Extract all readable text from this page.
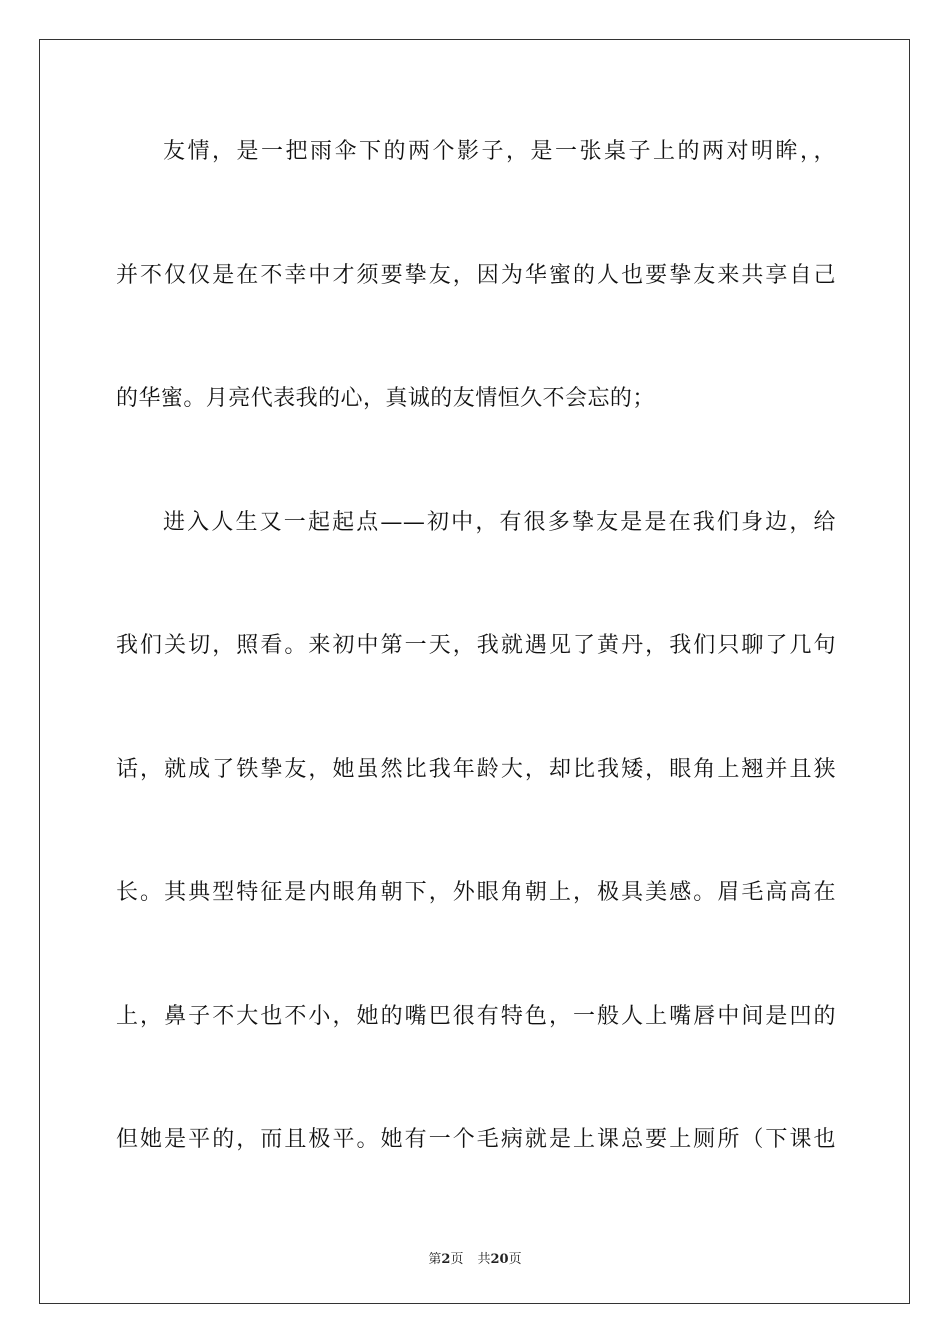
友情，是一把雨伞下的两个影子，是一张桌子上的两对明眸，，
并不仅仅是在不幸中才须要挚友，因为华蜜的人也要挚友来共享自己
的华蜜。月亮代表我的心，真诚的友情恒久不会忘的；
进入人生又一起起点——初中，有很多挚友是是在我们身边，给
我们关切，照看。来初中第一天，我就遇见了黄丹，我们只聊了几句
话，就成了铁挚友，她虽然比我年龄大，却比我矮，眼角上翘并且狭
长。其典型特征是内眼角朝下，外眼角朝上，极具美感。眉毛高高在
上，鼻子不大也不小，她的嘴巴很有特色，一般人上嘴唇中间是凹的
但她是平的，而且极平。她有一个毛病就是上课总要上厕所（下课也
第2页 共20页
